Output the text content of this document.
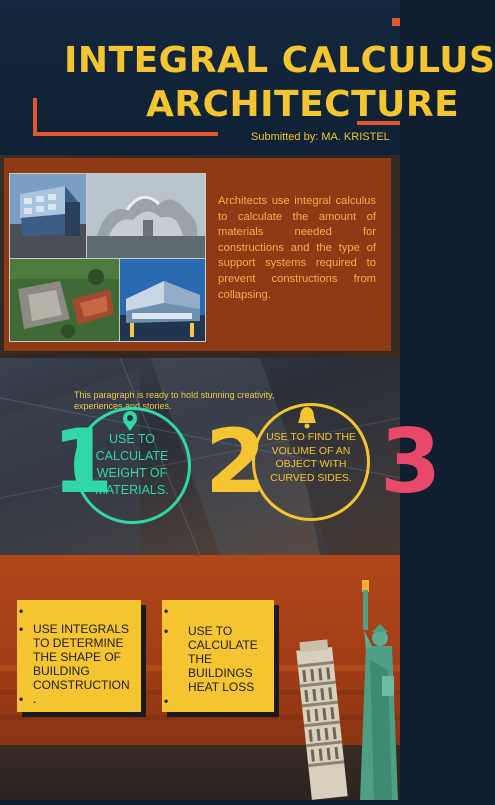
INTEGRAL CALCULUS
ARCHITECTURE
Submitted by: MA. KRISTEL
Architects use integral calculus to calculate the amount of materials needed for constructions and the type of support systems required to prevent constructions from collapsing.
This paragraph is ready to hold stunning creativity, experiences and stories.
1
USE TO CALCULATE WEIGHT OF MATERIALS. 2 USE TO FIND THE VOLUME OF AN OBJECT WITH CURVED SIDES. 3
•
• USE INTEGRALS TO DETERMINE THE SHAPE OF BUILDING CONSTRUCTION
• .
•
• USE TO CALCULATE THE BUILDINGS HEAT LOSS
•
